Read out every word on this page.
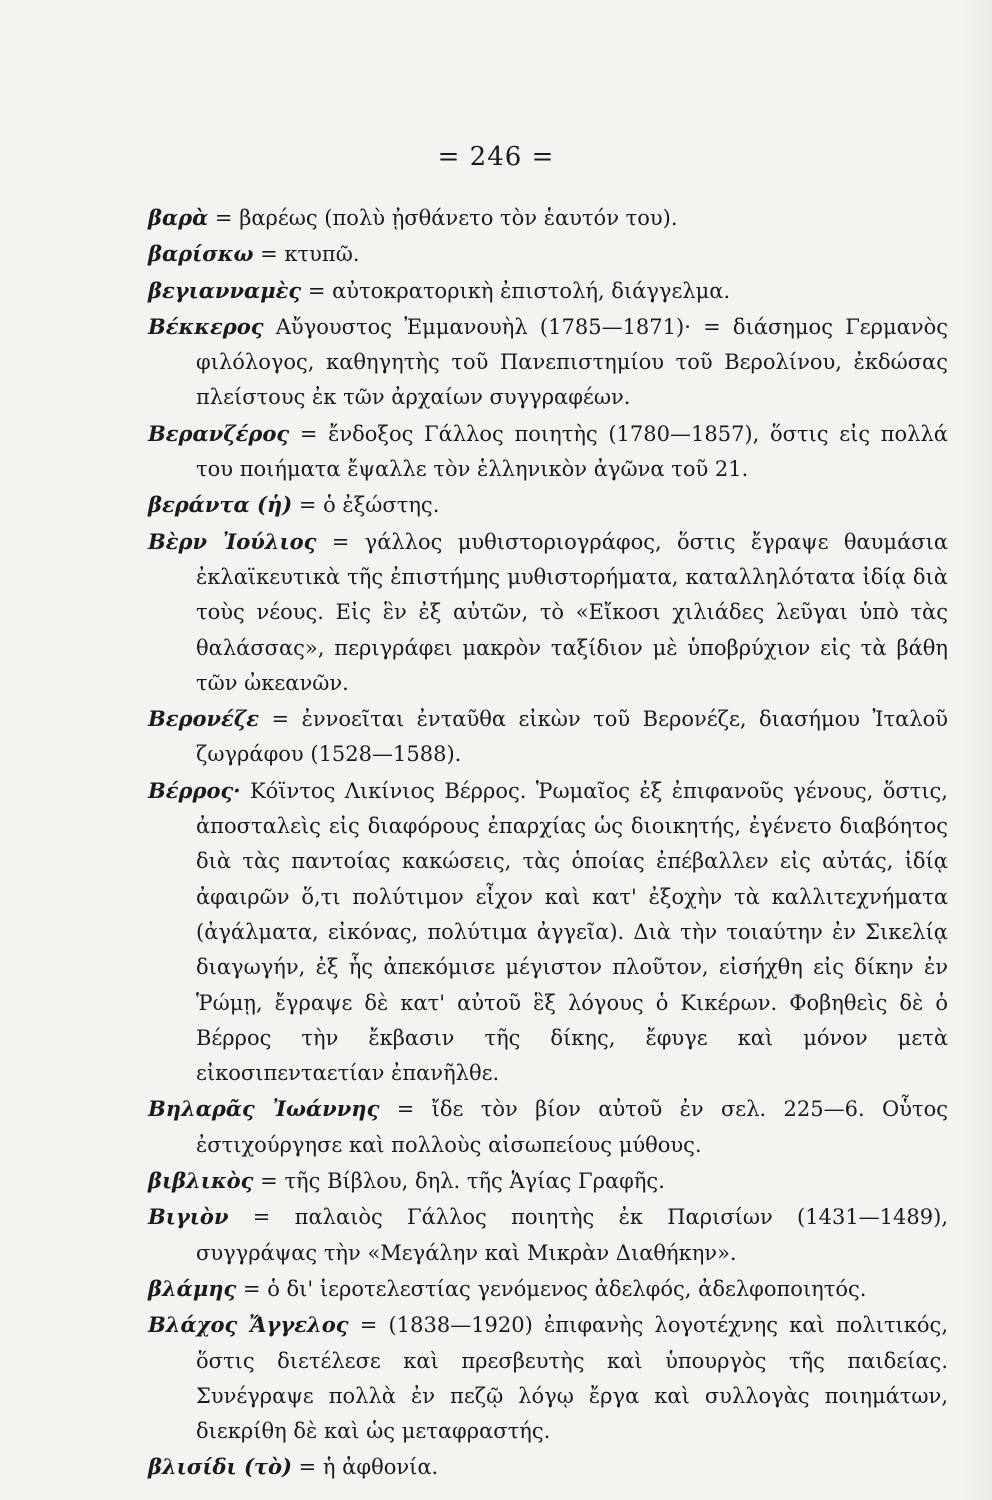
= 246 =

βαρὰ = βαρέως (πολὺ ᾐσθάνετο τὸν ἑαυτόν του).

βαρίσκω = κτυπῶ.

βεγιανναμὲς = αὐτοκρατορικὴ ἐπιστολή, διάγγελμα.

Βέκκερος Αὔγουστος Ἐμμανουὴλ (1785—1871)· = διάσημος Γερμανὸς φιλόλογος, καθηγητὴς τοῦ Πανεπιστημίου τοῦ Βερολίνου, ἐκδώσας πλείστους ἐκ τῶν ἀρχαίων συγγραφέων.

Βερανζέρος = ἔνδοξος Γάλλος ποιητὴς (1780—1857), ὅστις εἰς πολλά του ποιήματα ἔψαλλε τὸν ἑλληνικὸν ἀγῶνα τοῦ 21.

βεράντα (ἡ) = ὁ ἐξώστης.

Βὲρν Ἰούλιος = γάλλος μυθιστοριογράφος, ὅστις ἔγραψε θαυμάσια ἐκλαϊκευτικὰ τῆς ἐπιστήμης μυθιστορήματα, καταλληλότατα ἰδίᾳ διὰ τοὺς νέους. Εἰς ἓν ἐξ αὐτῶν, τὸ «Εἴκοσι χιλιάδες λεῦγαι ὑπὸ τὰς θαλάσσας», περιγράφει μακρὸν ταξίδιον μὲ ὑποβρύχιον εἰς τὰ βάθη τῶν ὠκεανῶν.

Βερονέζε = ἐννοεῖται ἐνταῦθα εἰκὼν τοῦ Βερονέζε, διασήμου Ἰταλοῦ ζωγράφου (1528—1588).

Βέρρος· Κόϊντος Λικίνιος Βέρρος. Ῥωμαῖος ἐξ ἐπιφανοῦς γένους, ὅστις, ἀποσταλεὶς εἰς διαφόρους ἐπαρχίας ὡς διοικητής, ἐγένετο διαβόητος διὰ τὰς παντοίας κακώσεις, τὰς ὁποίας ἐπέβαλλεν εἰς αὐτάς, ἰδίᾳ ἀφαιρῶν ὅ,τι πολύτιμον εἶχον καὶ κατ' ἐξοχὴν τὰ καλλιτεχνήματα (ἀγάλματα, εἰκόνας, πολύτιμα ἀγγεῖα). Διὰ τὴν τοιαύτην ἐν Σικελίᾳ διαγωγήν, ἐξ ἧς ἀπεκόμισε μέγιστον πλοῦτον, εἰσήχθη εἰς δίκην ἐν Ῥώμῃ, ἔγραψε δὲ κατ' αὐτοῦ ἓξ λόγους ὁ Κικέρων. Φοβηθεὶς δὲ ὁ Βέρρος τὴν ἔκβασιν τῆς δίκης, ἔφυγε καὶ μόνον μετὰ εἰκοσιπενταετίαν ἐπανῆλθε.

Βηλαρᾶς Ἰωάννης = ἴδε τὸν βίον αὐτοῦ ἐν σελ. 225—6. Οὗτος ἐστιχούργησε καὶ πολλοὺς αἰσωπείους μύθους.

βιβλικὸς = τῆς Βίβλου, δηλ. τῆς Ἁγίας Γραφῆς.

Βιγιὸν = παλαιὸς Γάλλος ποιητὴς ἐκ Παρισίων (1431—1489), συγγράψας τὴν «Μεγάλην καὶ Μικρὰν Διαθήκην».

βλάμης = ὁ δι' ἱεροτελεστίας γενόμενος ἀδελφός, ἀδελφοποιητός.

Βλάχος Ἄγγελος = (1838—1920) ἐπιφανὴς λογοτέχνης καὶ πολιτικός, ὅστις διετέλεσε καὶ πρεσβευτὴς καὶ ὑπουργὸς τῆς παιδείας. Συνέγραψε πολλὰ ἐν πεζῷ λόγῳ ἔργα καὶ συλλογὰς ποιημάτων, διεκρίθη δὲ καὶ ὡς μεταφραστής.

βλισίδι (τὸ) = ἡ ἀφθονία.
